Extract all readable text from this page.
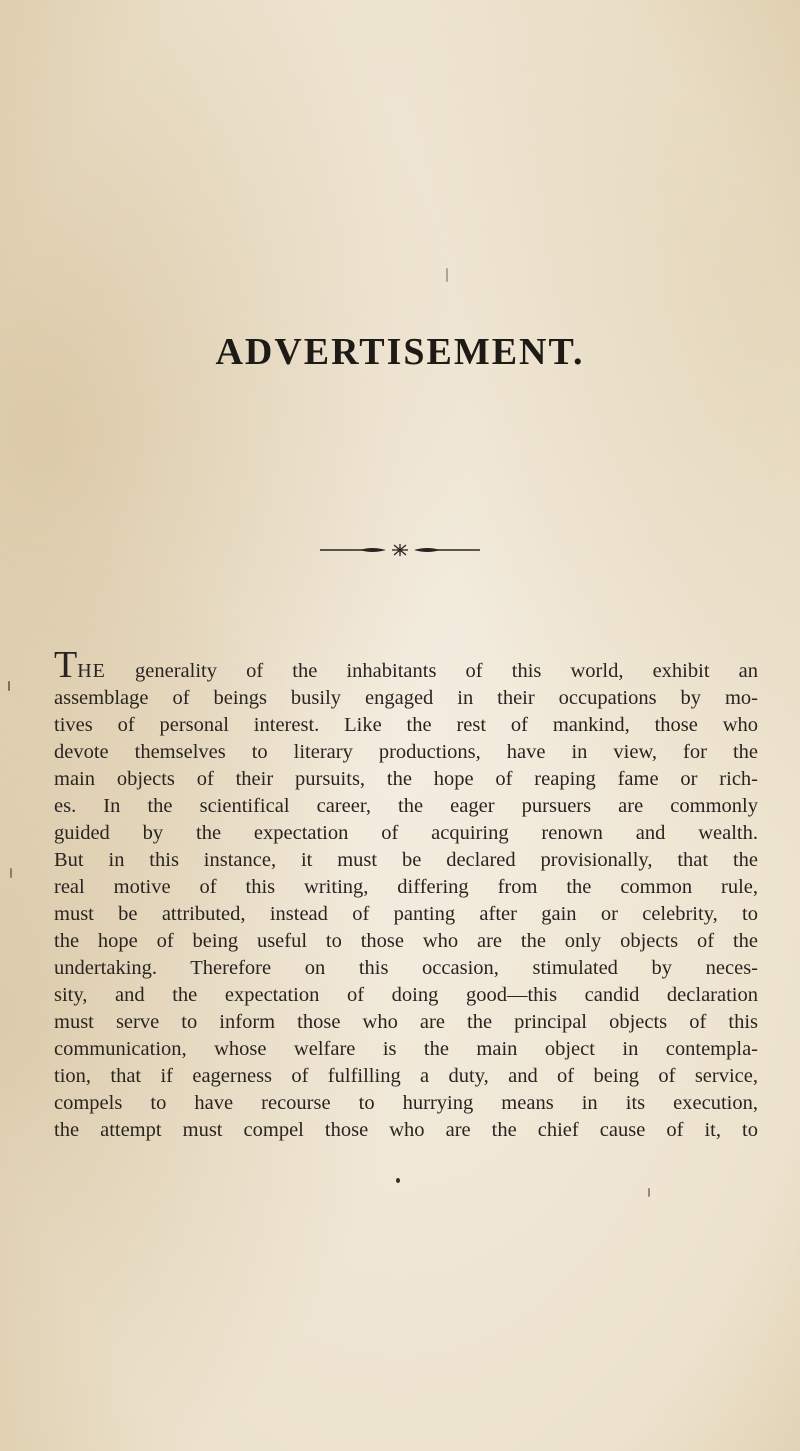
ADVERTISEMENT.
THE generality of the inhabitants of this world, exhibit an
assemblage of beings busily engaged in their occupations by mo-
tives of personal interest. Like the rest of mankind, those who
devote themselves to literary productions, have in view, for the
main objects of their pursuits, the hope of reaping fame or rich-
es. In the scientifical career, the eager pursuers are commonly
guided by the expectation of acquiring renown and wealth.
But in this instance, it must be declared provisionally, that the
real motive of this writing, differing from the common rule,
must be attributed, instead of panting after gain or celebrity, to
the hope of being useful to those who are the only objects of the
undertaking. Therefore on this occasion, stimulated by neces-
sity, and the expectation of doing good—this candid declaration
must serve to inform those who are the principal objects of this
communication, whose welfare is the main object in contempla-
tion, that if eagerness of fulfilling a duty, and of being of service,
compels to have recourse to hurrying means in its execution,
the attempt must compel those who are the chief cause of it, to
